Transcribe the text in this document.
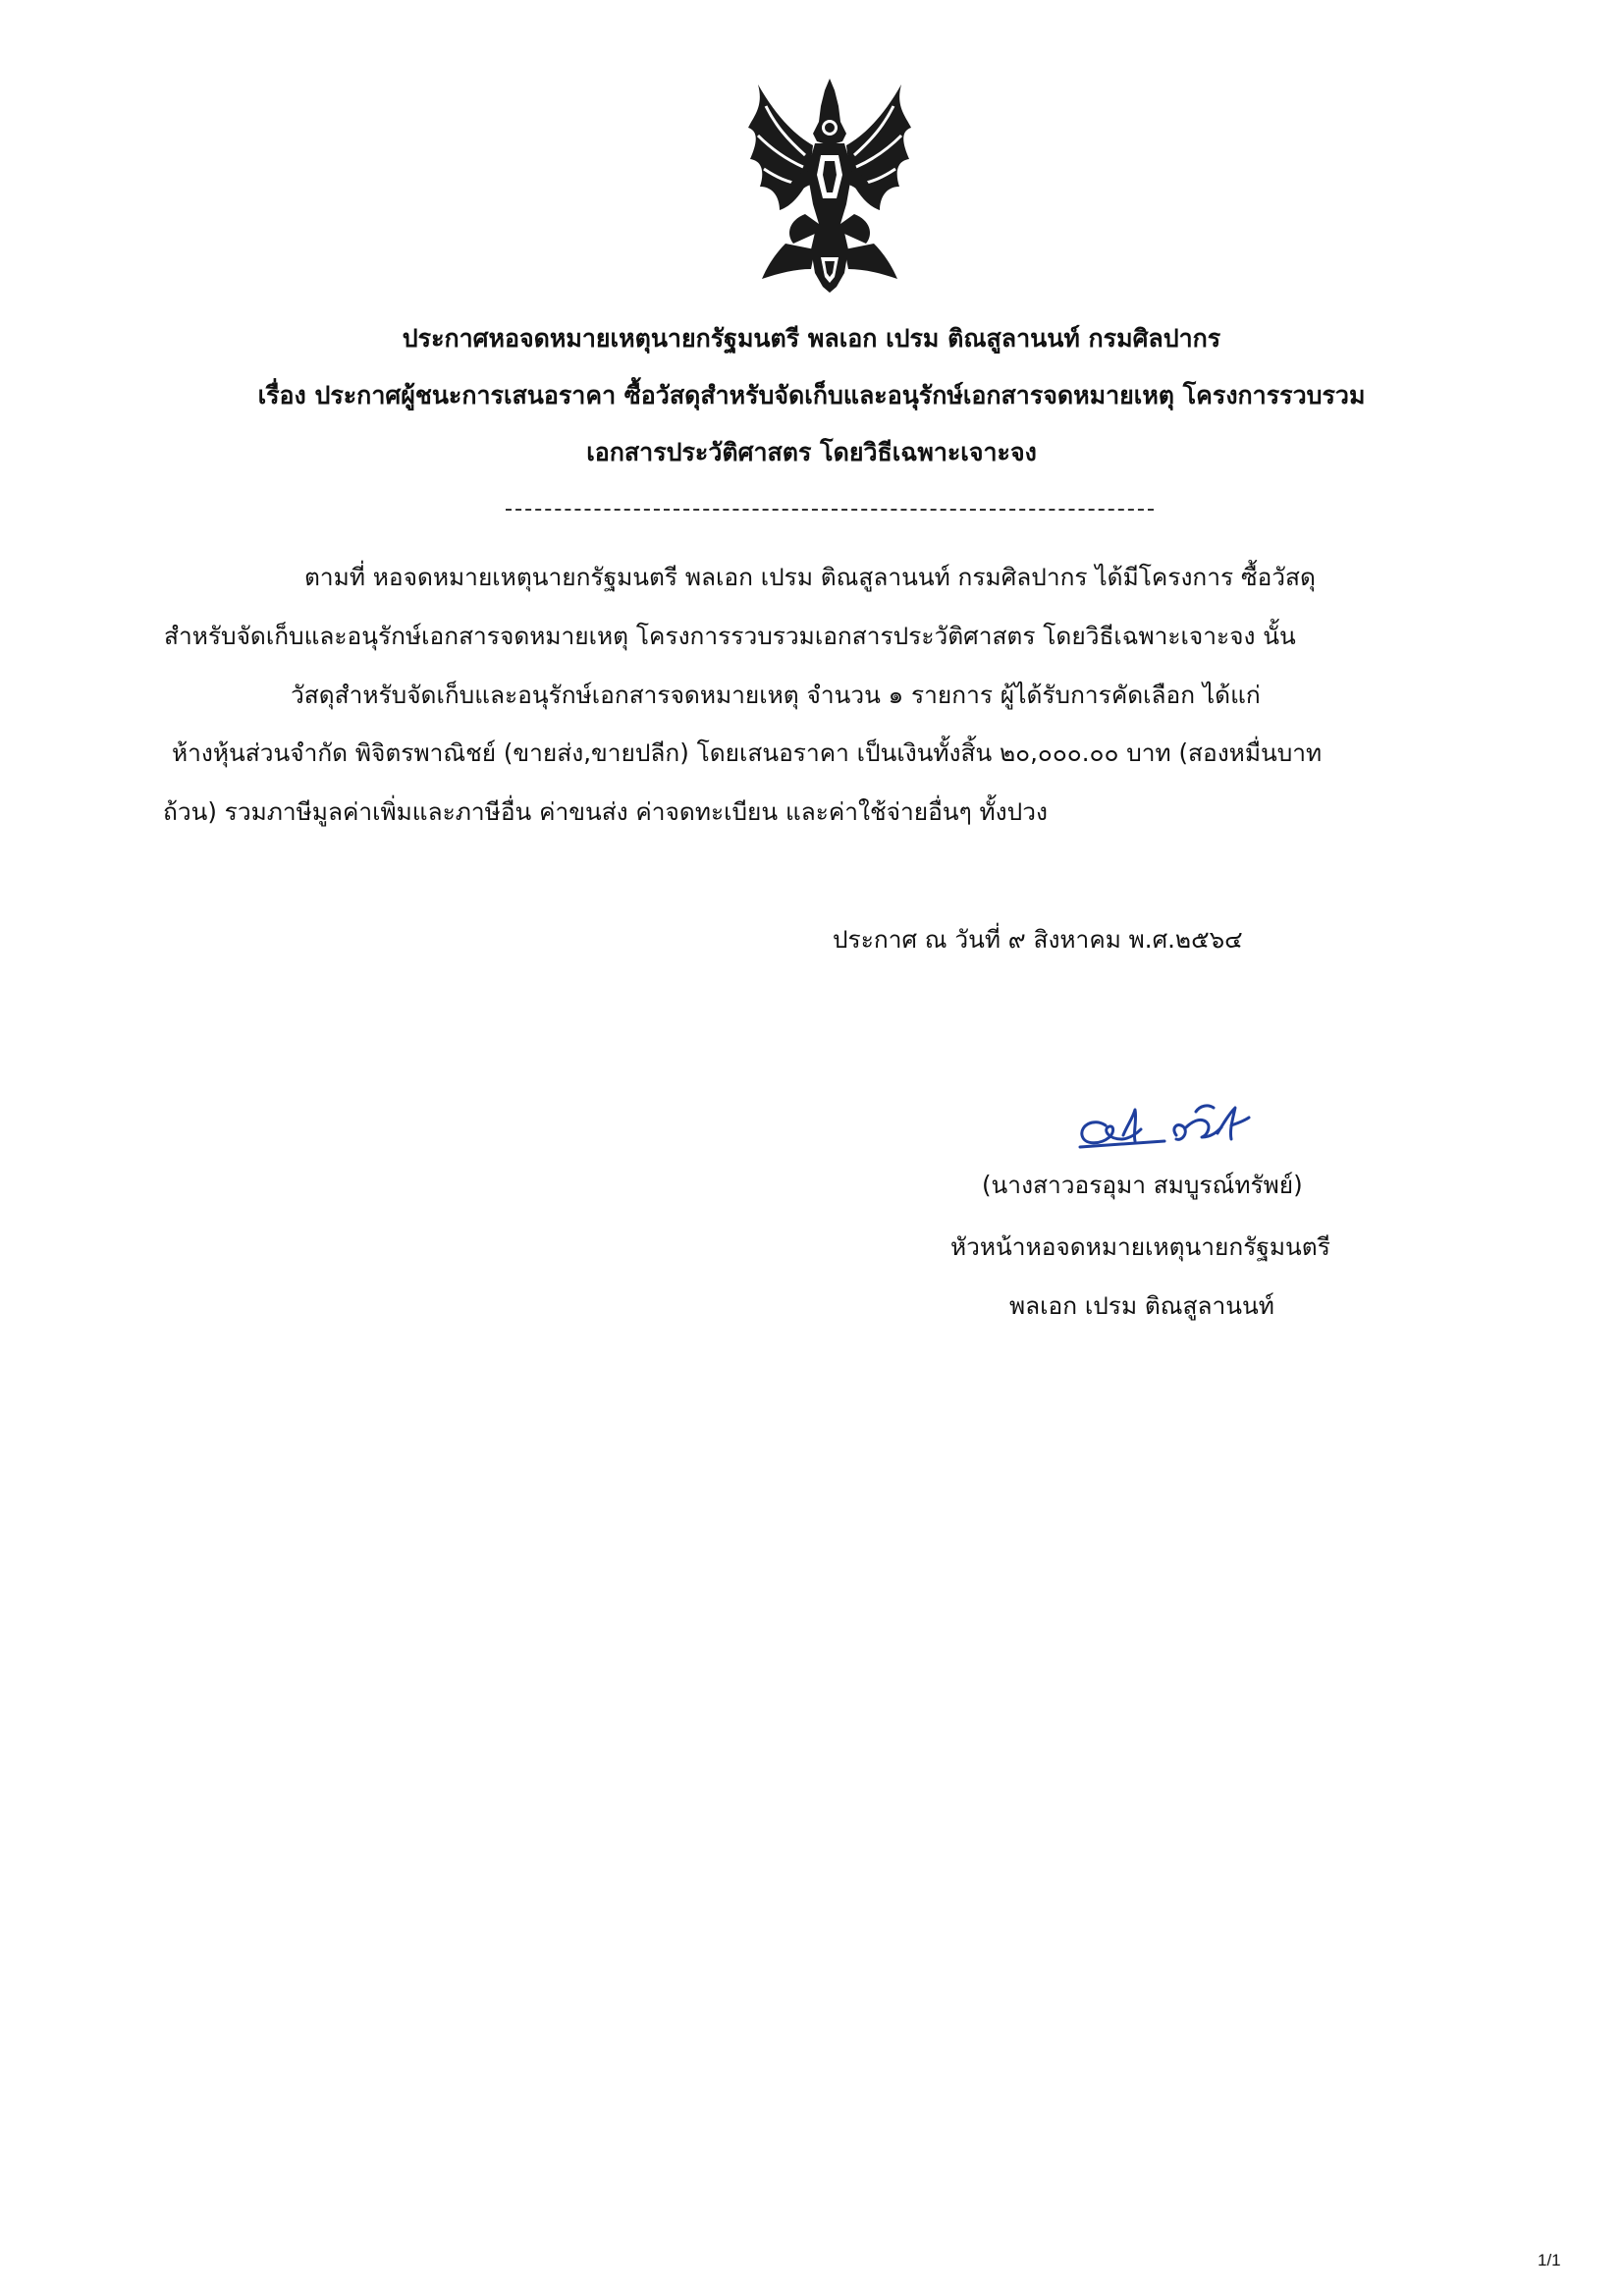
ประกาศหอจดหมายเหตุนายกรัฐมนตรี พลเอก เปรม ติณสูลานนท์ กรมศิลปากร
เรื่อง ประกาศผู้ชนะการเสนอราคา ซื้อวัสดุสำหรับจัดเก็บและอนุรักษ์เอกสารจดหมายเหตุ โครงการรวบรวม
เอกสารประวัติศาสตร โดยวิธีเฉพาะเจาะจง
ตามที่ หอจดหมายเหตุนายกรัฐมนตรี พลเอก เปรม ติณสูลานนท์ กรมศิลปากร ได้มีโครงการ ซื้อวัสดุ
สำหรับจัดเก็บและอนุรักษ์เอกสารจดหมายเหตุ โครงการรวบรวมเอกสารประวัติศาสตร โดยวิธีเฉพาะเจาะจง นั้น
วัสดุสำหรับจัดเก็บและอนุรักษ์เอกสารจดหมายเหตุ จำนวน ๑ รายการ ผู้ได้รับการคัดเลือก ได้แก่
ห้างหุ้นส่วนจำกัด พิจิตรพาณิชย์ (ขายส่ง,ขายปลีก) โดยเสนอราคา เป็นเงินทั้งสิ้น ๒๐,๐๐๐.๐๐ บาท (สองหมื่นบาท
ถ้วน) รวมภาษีมูลค่าเพิ่มและภาษีอื่น ค่าขนส่ง ค่าจดทะเบียน และค่าใช้จ่ายอื่นๆ ทั้งปวง
ประกาศ ณ วันที่ ๙ สิงหาคม พ.ศ.๒๕๖๔
(นางสาวอรอุมา สมบูรณ์ทรัพย์)
หัวหน้าหอจดหมายเหตุนายกรัฐมนตรี
พลเอก เปรม ติณสูลานนท์
1/1
